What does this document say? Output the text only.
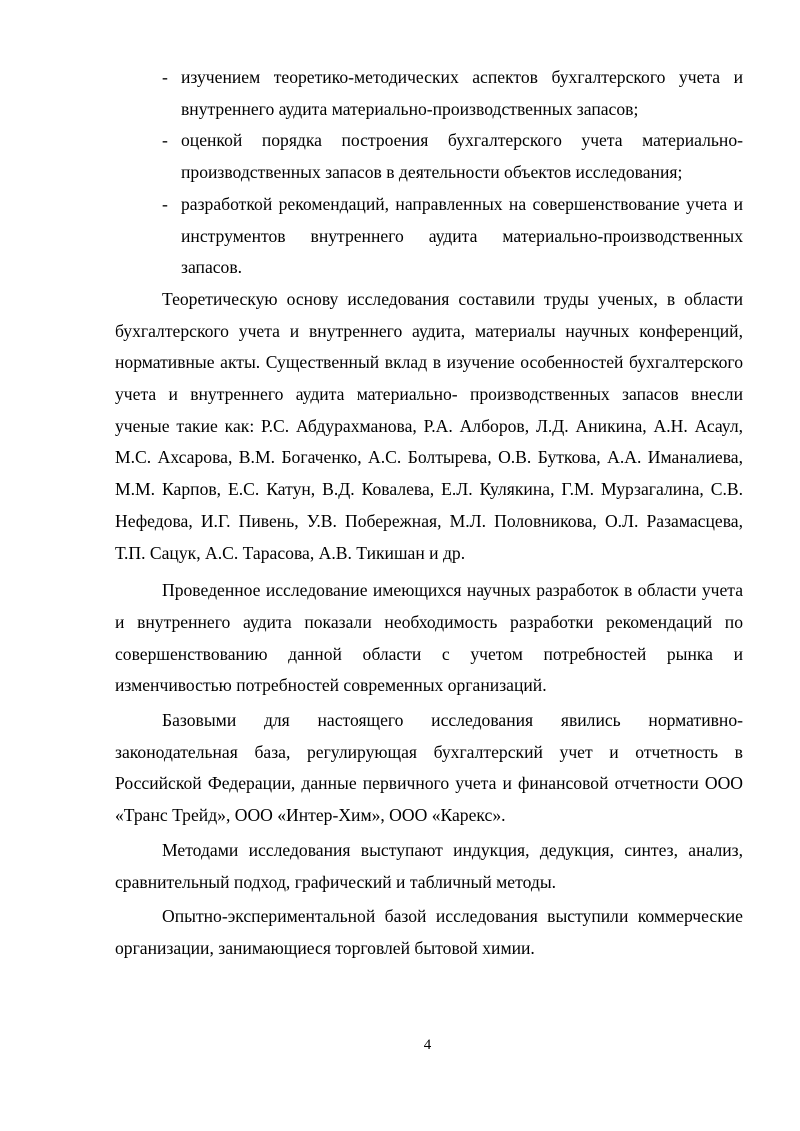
- изучением теоретико-методических аспектов бухгалтерского учета и внутреннего аудита материально-производственных запасов;
- оценкой порядка построения бухгалтерского учета материально-производственных запасов в деятельности объектов исследования;
- разработкой рекомендаций, направленных на совершенствование учета и инструментов внутреннего аудита материально-производственных запасов.

Теоретическую основу исследования составили труды ученых, в области бухгалтерского учета и внутреннего аудита, материалы научных конференций, нормативные акты. Существенный вклад в изучение особенностей бухгалтерского учета и внутреннего аудита материально- производственных запасов внесли ученые такие как: Р.С. Абдурахманова, Р.А. Алборов, Л.Д. Аникина, А.Н. Асаул, М.С. Ахсарова, В.М. Богаченко, А.С. Болтырева, О.В. Буткова, А.А. Иманалиева, М.М. Карпов, Е.С. Катун, В.Д. Ковалева, Е.Л. Кулякина, Г.М. Мурзагалина, С.В. Нефедова, И.Г. Пивень, У.В. Побережная, М.Л. Половникова, О.Л. Разамасцева, Т.П. Сацук, А.С. Тарасова, А.В. Тикишан и др.

Проведенное исследование имеющихся научных разработок в области учета и внутреннего аудита показали необходимость разработки рекомендаций по совершенствованию данной области с учетом потребностей рынка и изменчивостью потребностей современных организаций.

Базовыми для настоящего исследования явились нормативно-законодательная база, регулирующая бухгалтерский учет и отчетность в Российской Федерации, данные первичного учета и финансовой отчетности ООО «Транс Трейд», ООО «Интер-Хим», ООО «Карекс».

Методами исследования выступают индукция, дедукция, синтез, анализ, сравнительный подход, графический и табличный методы.

Опытно-экспериментальной базой исследования выступили коммерческие организации, занимающиеся торговлей бытовой химии.

4
